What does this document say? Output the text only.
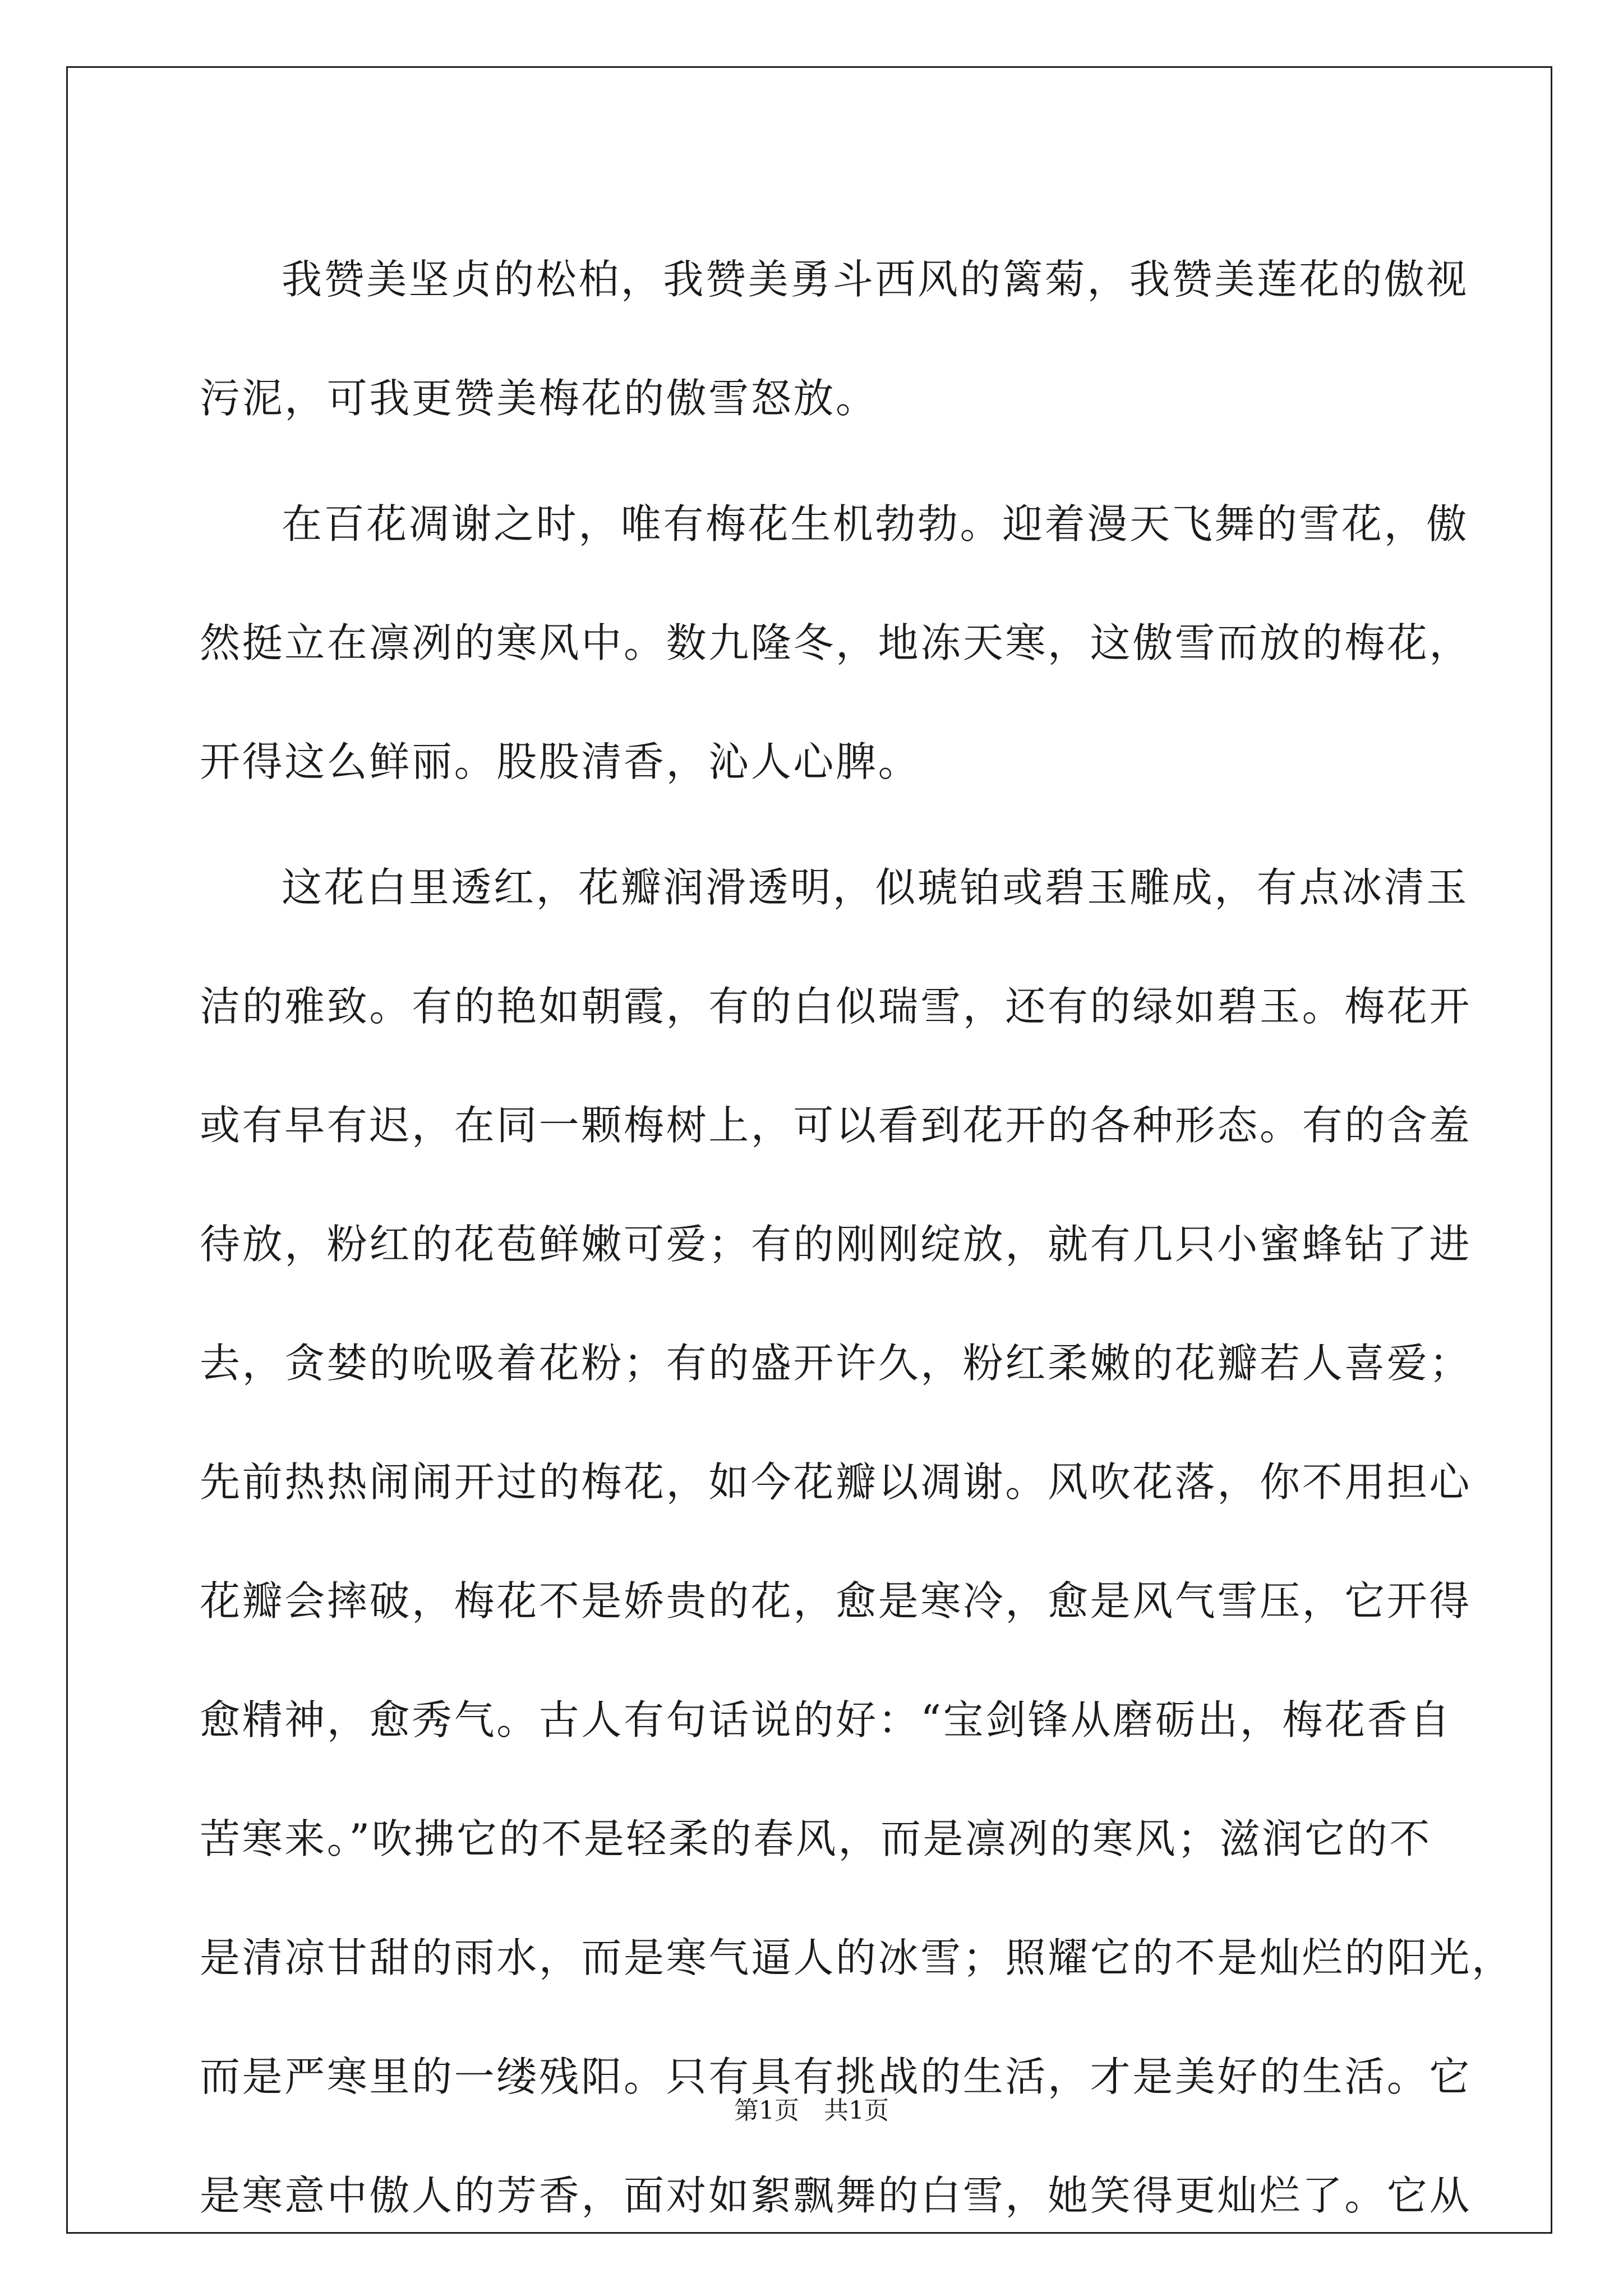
我赞美坚贞的松柏，我赞美勇斗西风的篱菊，我赞美莲花的傲视
污泥，可我更赞美梅花的傲雪怒放。
在百花凋谢之时，唯有梅花生机勃勃。迎着漫天飞舞的雪花，傲
然挺立在凛冽的寒风中。数九隆冬，地冻天寒，这傲雪而放的梅花，
开得这么鲜丽。股股清香，沁人心脾。
这花白里透红，花瓣润滑透明，似琥铂或碧玉雕成，有点冰清玉
洁的雅致。有的艳如朝霞，有的白似瑞雪，还有的绿如碧玉。梅花开
或有早有迟，在同一颗梅树上，可以看到花开的各种形态。有的含羞
待放，粉红的花苞鲜嫩可爱；有的刚刚绽放，就有几只小蜜蜂钻了进
去，贪婪的吮吸着花粉；有的盛开许久，粉红柔嫩的花瓣若人喜爱；
先前热热闹闹开过的梅花，如今花瓣以凋谢。风吹花落，你不用担心
花瓣会摔破，梅花不是娇贵的花，愈是寒冷，愈是风气雪压，它开得
愈精神，愈秀气。古人有句话说的好：“宝剑锋从磨砺出，梅花香自
苦寒来。”吹拂它的不是轻柔的春风，而是凛冽的寒风；滋润它的不
是清凉甘甜的雨水，而是寒气逼人的冰雪；照耀它的不是灿烂的阳光，
而是严寒里的一缕残阳。只有具有挑战的生活，才是美好的生活。它
是寒意中傲人的芳香，面对如絮飘舞的白雪，她笑得更灿烂了。它从
第1页　共1页
